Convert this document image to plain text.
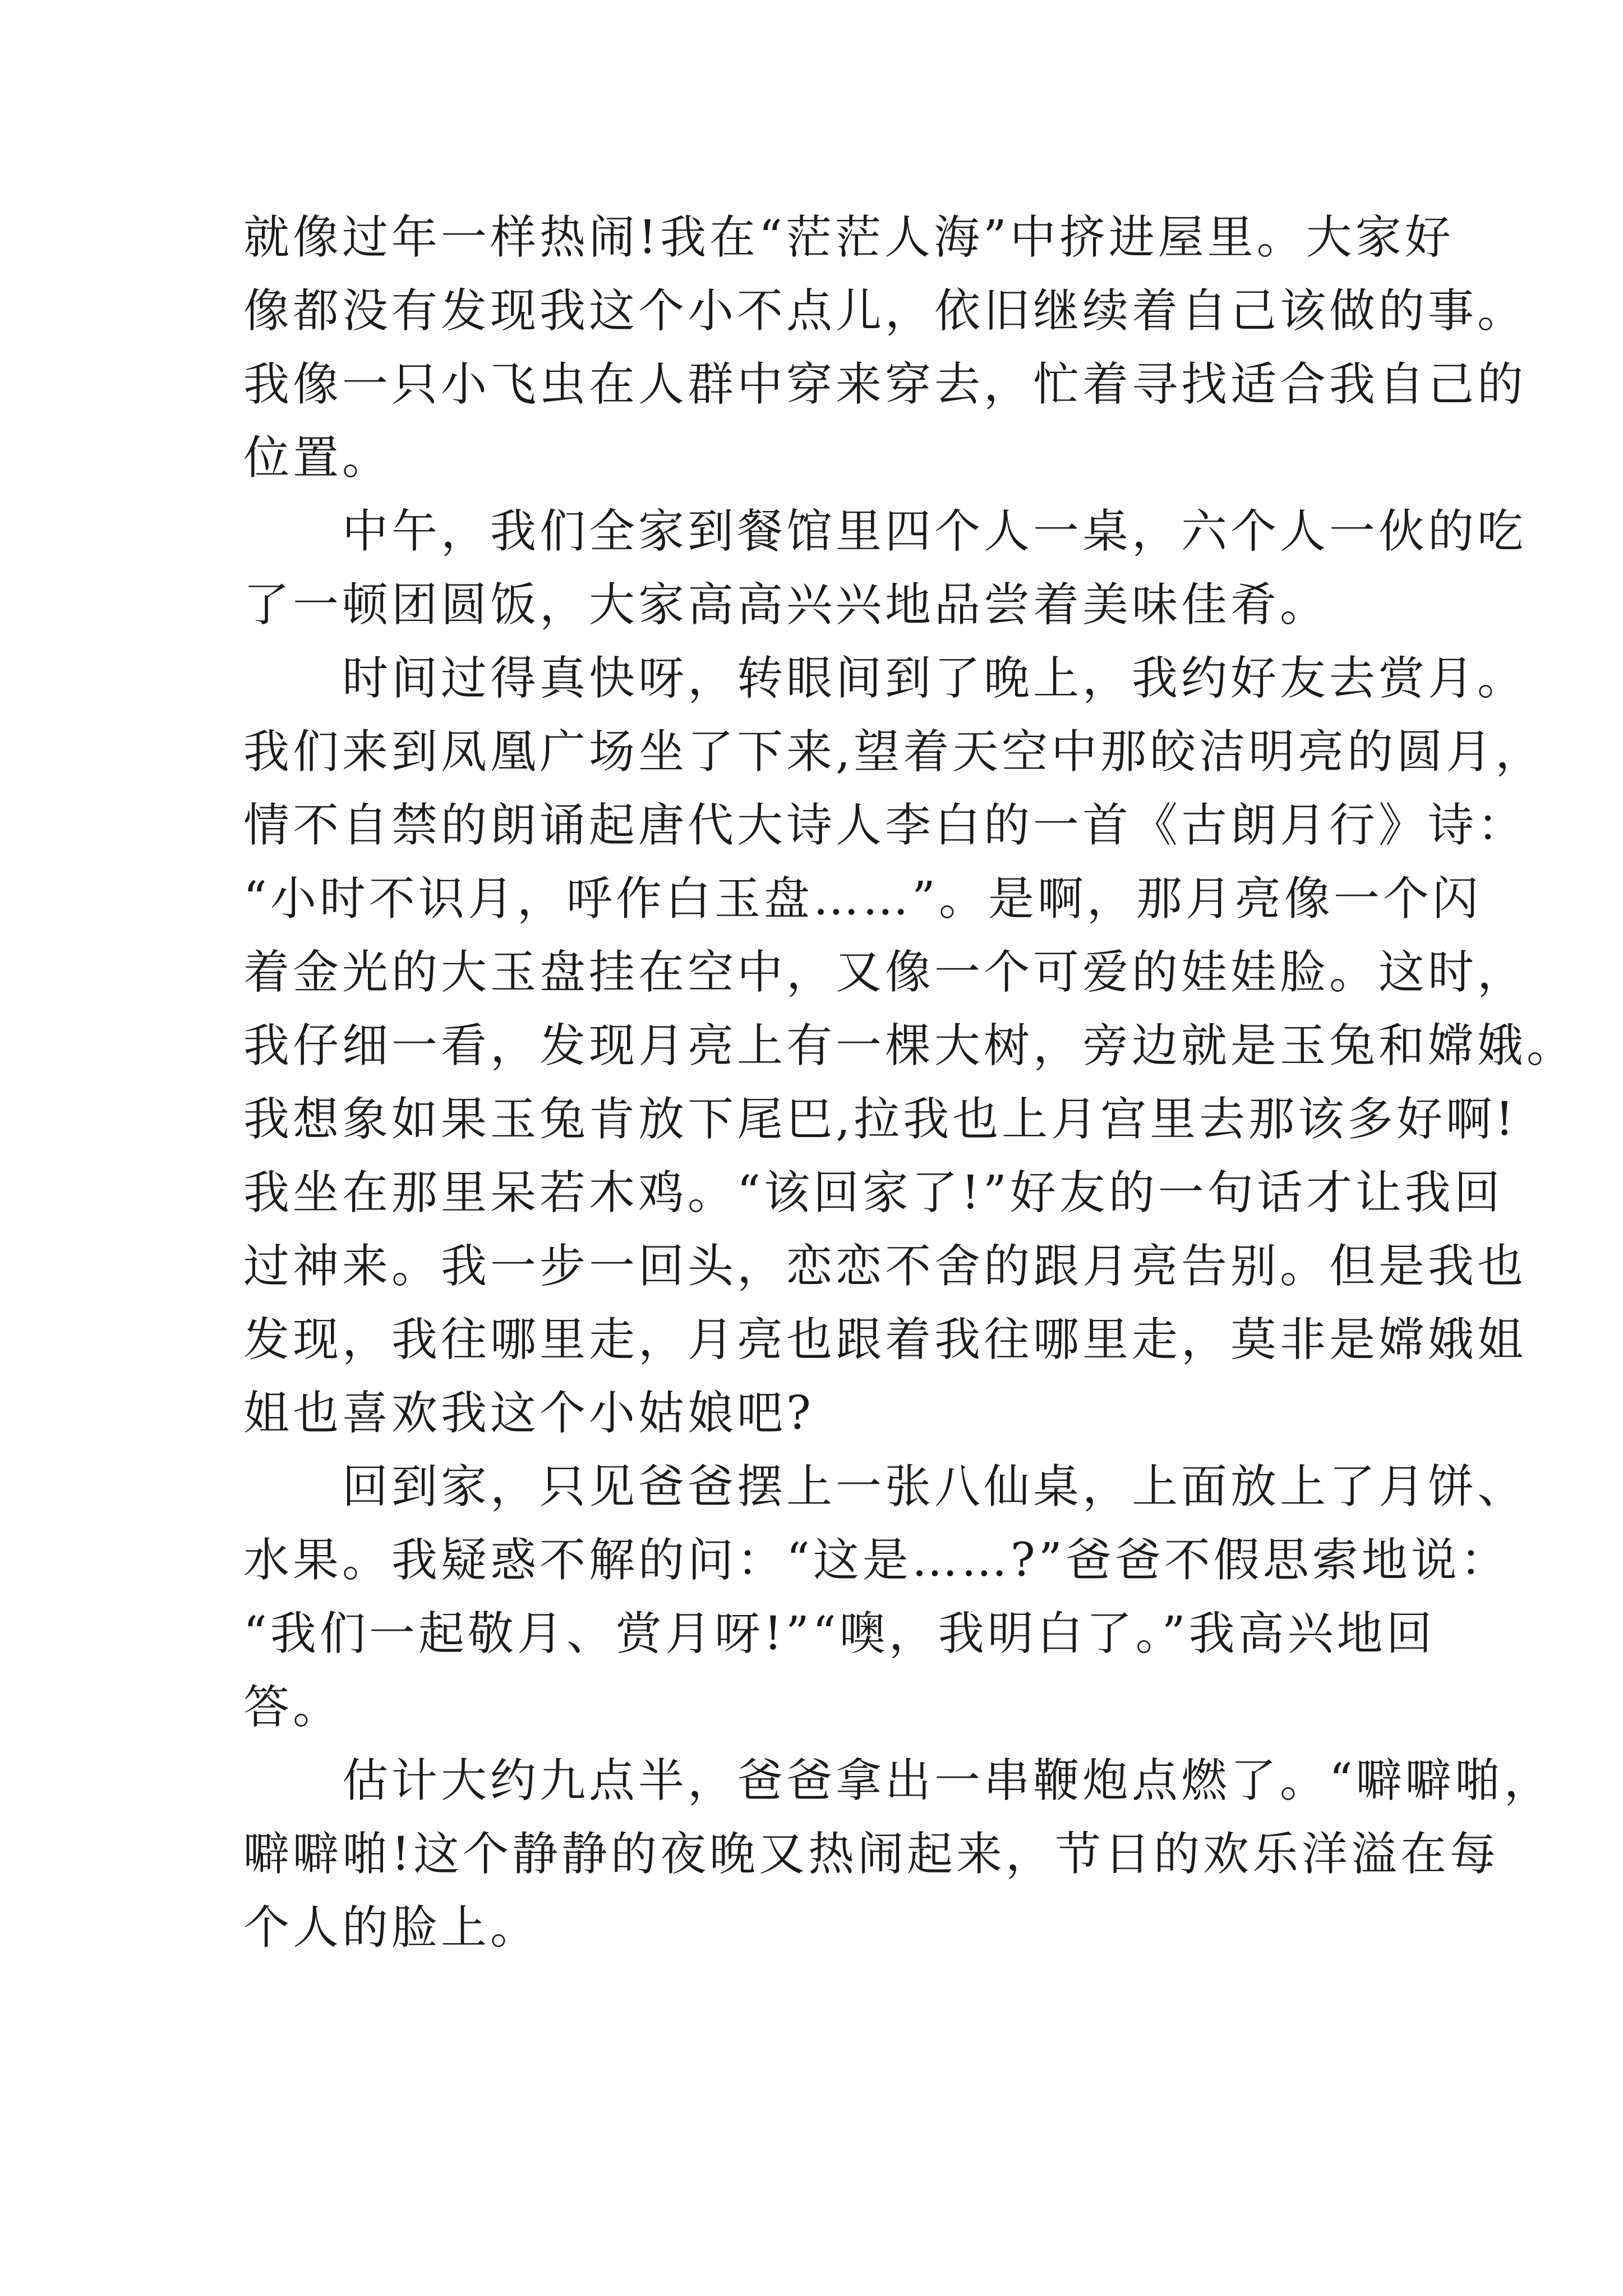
就像过年一样热闹!我在“茫茫人海”中挤进屋里。大家好
像都没有发现我这个小不点儿，依旧继续着自己该做的事。
我像一只小飞虫在人群中穿来穿去，忙着寻找适合我自己的
位置。
　　中午，我们全家到餐馆里四个人一桌，六个人一伙的吃
了一顿团圆饭，大家高高兴兴地品尝着美味佳肴。
　　时间过得真快呀，转眼间到了晚上，我约好友去赏月。
我们来到凤凰广场坐了下来,望着天空中那皎洁明亮的圆月，
情不自禁的朗诵起唐代大诗人李白的一首《古朗月行》诗：
“小时不识月，呼作白玉盘……”。是啊，那月亮像一个闪
着金光的大玉盘挂在空中，又像一个可爱的娃娃脸。这时，
我仔细一看，发现月亮上有一棵大树，旁边就是玉兔和嫦娥。
我想象如果玉兔肯放下尾巴,拉我也上月宫里去那该多好啊!
我坐在那里呆若木鸡。“该回家了!”好友的一句话才让我回
过神来。我一步一回头，恋恋不舍的跟月亮告别。但是我也
发现，我往哪里走，月亮也跟着我往哪里走，莫非是嫦娥姐
姐也喜欢我这个小姑娘吧?
　　回到家，只见爸爸摆上一张八仙桌，上面放上了月饼、
水果。我疑惑不解的问：“这是……?”爸爸不假思索地说：
“我们一起敬月、赏月呀!”“噢，我明白了。”我高兴地回
答。
　　估计大约九点半，爸爸拿出一串鞭炮点燃了。“噼噼啪，
噼噼啪!这个静静的夜晚又热闹起来，节日的欢乐洋溢在每
个人的脸上。
